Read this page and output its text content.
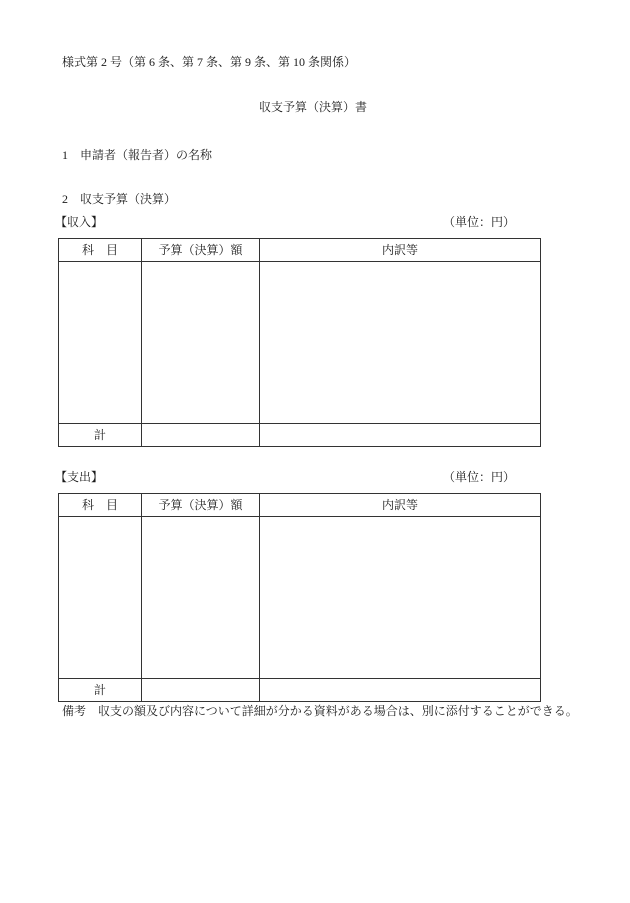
様式第 2 号（第 6 条、第 7 条、第 9 条、第 10 条関係）
収支予算（決算）書
1　申請者（報告者）の名称
2　収支予算（決算）
【収入】	（単位：円）
科　目	予算（決算）額	内訳等

計		
【支出】	（単位：円）
科　目	予算（決算）額	内訳等

計		
備考　収支の額及び内容について詳細が分かる資料がある場合は、別に添付することができる。
